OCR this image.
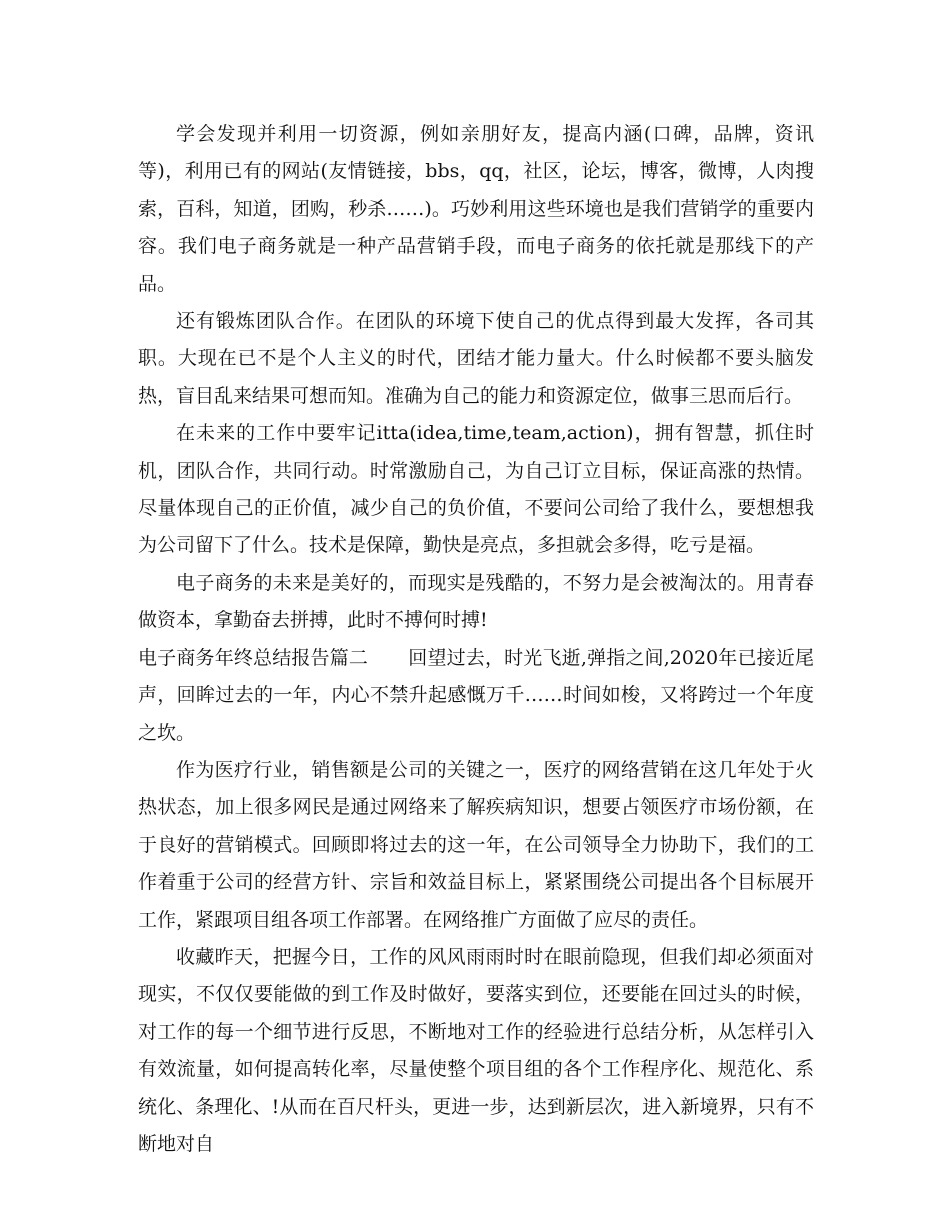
学会发现并利用一切资源，例如亲朋好友，提高内涵(口碑，品牌，资讯等)，利用已有的网站(友情链接，bbs，qq，社区，论坛，博客，微博，人肉搜索，百科，知道，团购，秒杀……)。巧妙利用这些环境也是我们营销学的重要内容。我们电子商务就是一种产品营销手段，而电子商务的依托就是那线下的产品。

还有锻炼团队合作。在团队的环境下使自己的优点得到最大发挥，各司其职。大现在已不是个人主义的时代，团结才能力量大。什么时候都不要头脑发热，盲目乱来结果可想而知。准确为自己的能力和资源定位，做事三思而后行。

在未来的工作中要牢记itta(idea,time,team,action)，拥有智慧，抓住时机，团队合作，共同行动。时常激励自己，为自己订立目标，保证高涨的热情。尽量体现自己的正价值，减少自己的负价值，不要问公司给了我什么，要想想我为公司留下了什么。技术是保障，勤快是亮点，多担就会多得，吃亏是福。

电子商务的未来是美好的，而现实是残酷的，不努力是会被淘汰的。用青春做资本，拿勤奋去拼搏，此时不搏何时搏!

电子商务年终总结报告篇二 回望过去，时光飞逝,弹指之间,2020年已接近尾声，回眸过去的一年，内心不禁升起感慨万千……时间如梭，又将跨过一个年度之坎。

作为医疗行业，销售额是公司的关键之一，医疗的网络营销在这几年处于火热状态，加上很多网民是通过网络来了解疾病知识，想要占领医疗市场份额，在于良好的营销模式。回顾即将过去的这一年，在公司领导全力协助下，我们的工作着重于公司的经营方针、宗旨和效益目标上，紧紧围绕公司提出各个目标展开工作，紧跟项目组各项工作部署。在网络推广方面做了应尽的责任。

收藏昨天，把握今日，工作的风风雨雨时时在眼前隐现，但我们却必须面对现实，不仅仅要能做的到工作及时做好，要落实到位，还要能在回过头的时候，对工作的每一个细节进行反思，不断地对工作的经验进行总结分析，从怎样引入有效流量，如何提高转化率，尽量使整个项目组的各个工作程序化、规范化、系统化、条理化、!从而在百尺杆头，更进一步，达到新层次，进入新境界，只有不断地对自
